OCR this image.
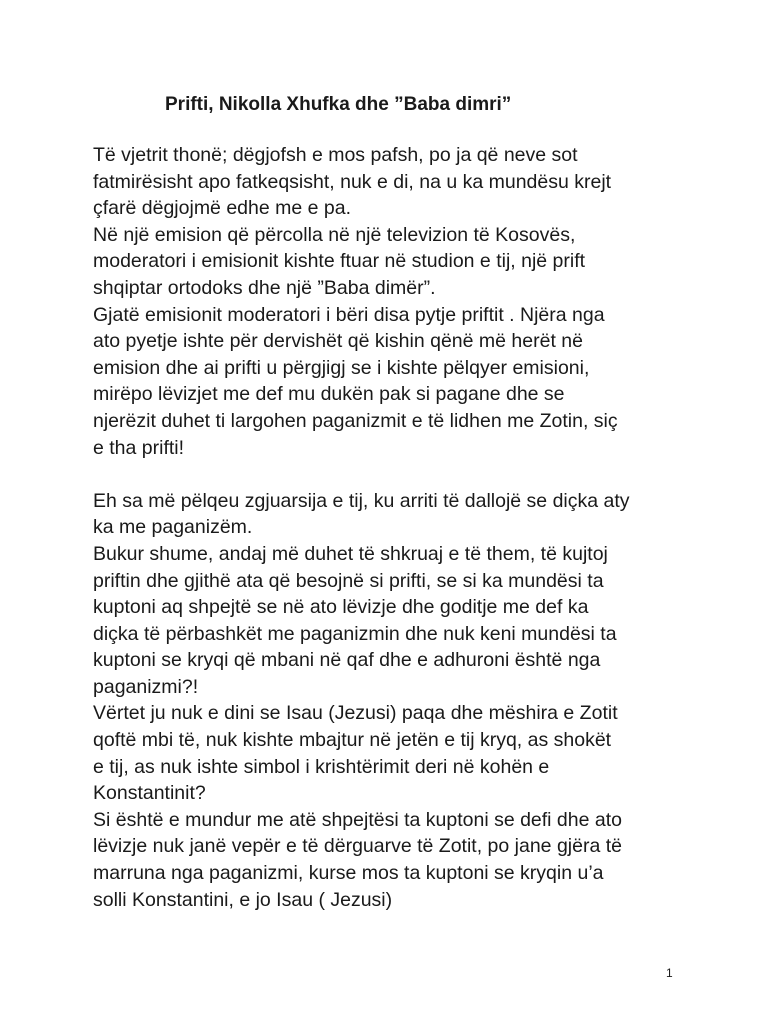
Prifti, Nikolla Xhufka dhe ”Baba dimri”
Të vjetrit thonë; dëgjofsh e mos pafsh, po ja që neve sot
fatmirësisht apo fatkeqsisht, nuk e di, na u ka mundësu krejt
çfarë dëgjojmë edhe me e pa.
Në një emision që përcolla në një televizion të Kosovës,
moderatori i emisionit kishte ftuar në studion e tij, një prift
shqiptar ortodoks dhe një ”Baba dimër”.
Gjatë emisionit moderatori i bëri disa pytje priftit . Njëra nga
ato pyetje ishte për dervishët që kishin qënë më herët në
emision dhe ai prifti u përgjigj se i kishte pëlqyer emisioni,
mirëpo lëvizjet me def mu dukën pak si pagane dhe se
njerëzit duhet ti largohen paganizmit e të lidhen me Zotin, siç
e tha prifti!
Eh sa më pëlqeu zgjuarsija e tij, ku arriti të dallojë se diçka aty
ka me paganizëm.
Bukur shume, andaj më duhet të shkruaj e të them, të kujtoj
priftin dhe gjithë ata që besojnë si prifti, se si ka mundësi ta
kuptoni aq shpejtë se në ato lëvizje dhe goditje me def ka
diçka të përbashkët me paganizmin dhe nuk keni mundësi ta
kuptoni se kryqi që mbani në qaf dhe e adhuroni është nga
paganizmi?!
Vërtet ju nuk e dini se Isau (Jezusi) paqa dhe mëshira e Zotit
qoftë mbi të, nuk kishte mbajtur në jetën e tij kryq, as shokët
e tij, as nuk ishte simbol i krishtërimit deri në kohën e
Konstantinit?
Si është e mundur me atë shpejtësi ta kuptoni se defi dhe ato
lëvizje nuk janë vepër e të dërguarve të Zotit, po jane gjëra të
marruna nga paganizmi, kurse mos ta kuptoni se kryqin u’a
solli Konstantini, e jo Isau ( Jezusi)
1
